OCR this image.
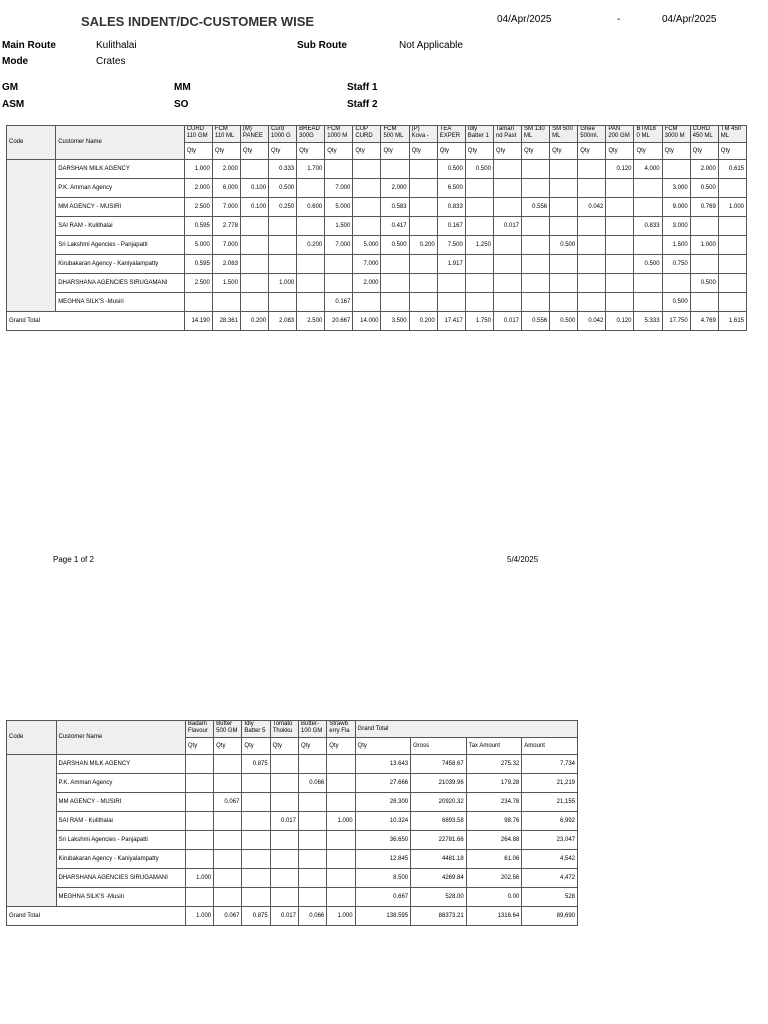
SALES INDENT/DC-CUSTOMER WISE	04/Apr/2025	-	04/Apr/2025
Main Route	Kulithalai	Sub Route	Not Applicable
Mode	Crates
GM	MM	Staff 1
ASM	SO	Staff 2
Code	Customer Name	CURD 110 GM	FCM 110 ML	(M) PANEE	Curd 1000 G	BREAD 300G	FCM 1000 M	CUP CURD	FCM 500 ML	(P) Kova -	TEA EXPER	Idly Batter 1	Tamari nd Past	SM 130 ML	SM 500 ML	Ghee 500ml.	PAN 200 GM	BTM18 0 ML	FCM 3000 M	CURD 450 ML	TM 450 ML
		Qty	Qty	Qty	Qty	Qty	Qty	Qty	Qty	Qty	Qty	Qty	Qty	Qty	Qty	Qty	Qty	Qty	Qty	Qty	Qty
	DARSHAN MILK AGENCY	1.000	2.000		0.333	1.700					0.500	0.500					0.120	4.000		2.000	0.615
	P.K. Amman Agency	2.000	6.000	0.100	0.500		7.000		2.000		6.500								3.000	0.500	
	MM AGENCY - MUSIRI	2.500	7.000	0.100	0.250	0.600	5.000		0.583		0.833			0.556		0.042			9.000	0.769	1.000
	SAI RAM - Kulithalai	0.595	2.778				1.500		0.417		0.167		0.017					0.833	3.000		
	Sri Lakshmi Agencies - Panjapatti	5.000	7.000			0.200	7.000	5.000	0.500	0.200	7.500	1.250			0.500				1.500	1.000	
	Kirubakaran Agency - Kaniyalampatty	0.595	2.083					7.000			1.917							0.500	0.750		
	DHARSHANA AGENCIES SIRUGAMANI	2.500	1.500		1.000			2.000												0.500	
	MEGHNA SILK'S -Musiri						0.167												0.500		
Grand Total		14.190	28.361	0.200	2.083	2.500	20.667	14.000	3.500	0.200	17.417	1.750	0.017	0.556	0.500	0.042	0.120	5.333	17.750	4.769	1.615
Page 1 of 2	5/4/2025
Code	Customer Name	Badam Flavour	Butter 500 GM	Idly Batter 5	Tomato Thokku	Butter- 100 GM	Strawb erry Fla	Grand Total			
		Qty	Qty	Qty	Qty	Qty	Qty	Qty	Gross	Tax Amount	Amount
	DARSHAN MILK AGENCY			0.875				13.643	7458.67	275.32	7,734
	P.K. Amman Agency					0.066		27.666	21039.96	179.28	21,219
	MM AGENCY - MUSIRI		0.067					28.300	20920.32	234.78	21,155
	SAI RAM - Kulithalai				0.017		1.000	10.324	6893.58	98.76	6,992
	Sri Lakshmi Agencies - Panjapatti							36.650	22781.66	264.88	23,047
	Kirubakaran Agency - Kaniyalampatty							12.845	4481.18	61.06	4,542
	DHARSHANA AGENCIES SIRUGAMANI	1.000						8.500	4269.84	202.56	4,472
	MEGHNA SILK'S -Musiri							0.667	528.00	0.00	528
Grand Total		1.000	0.067	0.875	0.017	0.066	1.000	138.595	88373.21	1316.64	89,690
